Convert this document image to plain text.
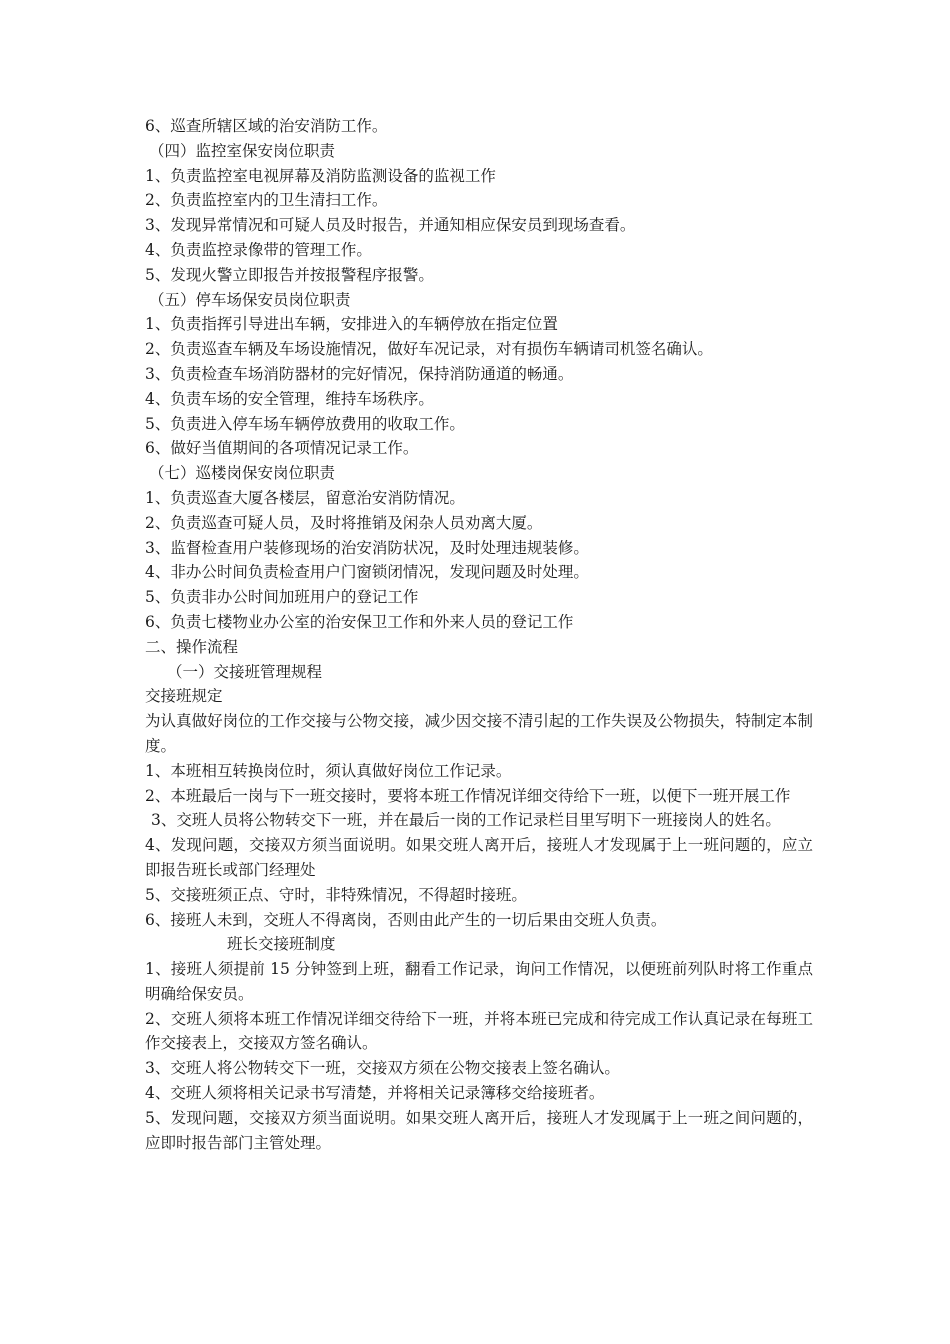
6、巡查所辖区域的治安消防工作。
（四）监控室保安岗位职责
1、负责监控室电视屏幕及消防监测设备的监视工作
2、负责监控室内的卫生清扫工作。
3、发现异常情况和可疑人员及时报告，并通知相应保安员到现场查看。
4、负责监控录像带的管理工作。
5、发现火警立即报告并按报警程序报警。
（五）停车场保安员岗位职责
1、负责指挥引导进出车辆，安排进入的车辆停放在指定位置
2、负责巡查车辆及车场设施情况，做好车况记录，对有损伤车辆请司机签名确认。
3、负责检查车场消防器材的完好情况，保持消防通道的畅通。
4、负责车场的安全管理，维持车场秩序。
5、负责进入停车场车辆停放费用的收取工作。
6、做好当值期间的各项情况记录工作。
（七）巡楼岗保安岗位职责
1、负责巡查大厦各楼层，留意治安消防情况。
2、负责巡查可疑人员，及时将推销及闲杂人员劝离大厦。
3、监督检查用户装修现场的治安消防状况，及时处理违规装修。
4、非办公时间负责检查用户门窗锁闭情况，发现问题及时处理。
5、负责非办公时间加班用户的登记工作
6、负责七楼物业办公室的治安保卫工作和外来人员的登记工作
二、操作流程
（一）交接班管理规程
交接班规定
为认真做好岗位的工作交接与公物交接，减少因交接不清引起的工作失误及公物损失，特制定本制度。
1、本班相互转换岗位时，须认真做好岗位工作记录。
2、本班最后一岗与下一班交接时，要将本班工作情况详细交待给下一班，以便下一班开展工作
3、交班人员将公物转交下一班，并在最后一岗的工作记录栏目里写明下一班接岗人的姓名。
4、发现问题，交接双方须当面说明。如果交班人离开后，接班人才发现属于上一班问题的，应立即报告班长或部门经理处
5、交接班须正点、守时，非特殊情况，不得超时接班。
6、接班人未到，交班人不得离岗，否则由此产生的一切后果由交班人负责。
班长交接班制度
1、接班人须提前 15 分钟签到上班，翻看工作记录，询问工作情况，以便班前列队时将工作重点明确给保安员。
2、交班人须将本班工作情况详细交待给下一班，并将本班已完成和待完成工作认真记录在每班工作交接表上，交接双方签名确认。
3、交班人将公物转交下一班，交接双方须在公物交接表上签名确认。
4、交班人须将相关记录书写清楚，并将相关记录簿移交给接班者。
5、发现问题，交接双方须当面说明。如果交班人离开后，接班人才发现属于上一班之间问题的，应即时报告部门主管处理。
